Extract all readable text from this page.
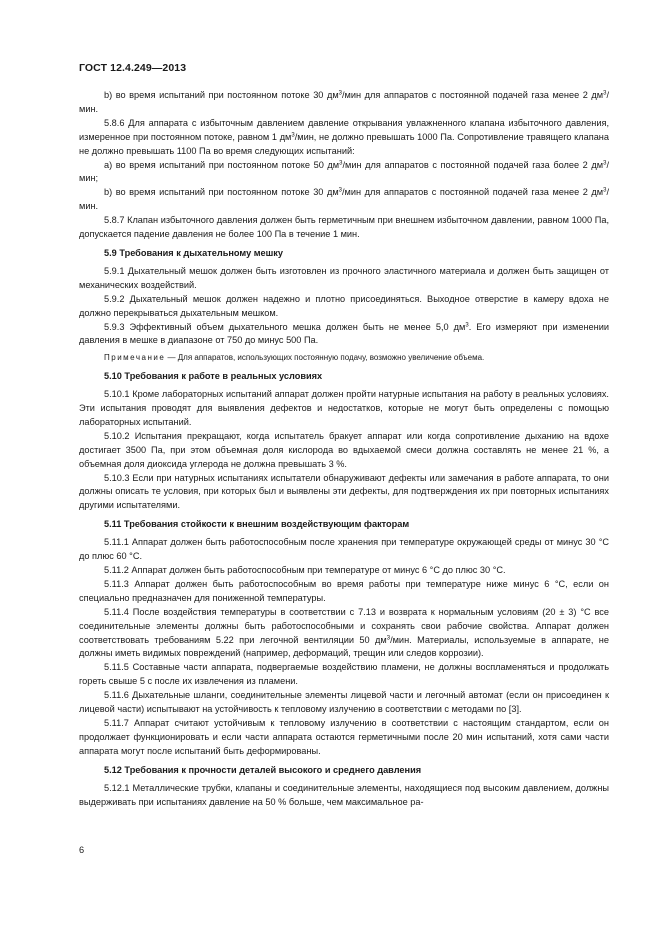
ГОСТ 12.4.249—2013

b) во время испытаний при постоянном потоке 30 $дм^3$/мин для аппаратов с постоянной подачей газа менее 2 $дм^3$/мин.

5.8.6 Для аппарата с избыточным давлением давление открывания увлажненного клапана избыточного давления, измеренное при постоянном потоке, равном 1 $дм^3$/мин, не должно превышать 1000 Па. Сопротивление травящего клапана не должно превышать 1100 Па во время следующих испытаний:

а) во время испытаний при постоянном потоке 50 $дм^3$/мин для аппаратов с постоянной подачей газа более 2 $дм^3$/мин;

b) во время испытаний при постоянном потоке 30 $дм^3$/мин для аппаратов с постоянной подачей газа менее 2 $дм^3$/мин.

5.8.7 Клапан избыточного давления должен быть герметичным при внешнем избыточном давлении, равном 1000 Па, допускается падение давления не более 100 Па в течение 1 мин.

5.9 Требования к дыхательному мешку

5.9.1 Дыхательный мешок должен быть изготовлен из прочного эластичного материала и должен быть защищен от механических воздействий.

5.9.2 Дыхательный мешок должен надежно и плотно присоединяться. Выходное отверстие в камеру вдоха не должно перекрываться дыхательным мешком.

5.9.3 Эффективный объем дыхательного мешка должен быть не менее 5,0 $дм^3$. Его измеряют при изменении давления в мешке в диапазоне от 750 до минус 500 Па.

Примечание — Для аппаратов, использующих постоянную подачу, возможно увеличение объема.

5.10 Требования к работе в реальных условиях

5.10.1 Кроме лабораторных испытаний аппарат должен пройти натурные испытания на работу в реальных условиях. Эти испытания проводят для выявления дефектов и недостатков, которые не могут быть определены с помощью лабораторных испытаний.

5.10.2 Испытания прекращают, когда испытатель бракует аппарат или когда сопротивление дыханию на вдохе достигает 3500 Па, при этом объемная доля кислорода во вдыхаемой смеси должна составлять не менее 21 %, а объемная доля диоксида углерода не должна превышать 3 %.

5.10.3 Если при натурных испытаниях испытатели обнаруживают дефекты или замечания в работе аппарата, то они должны описать те условия, при которых был и выявлены эти дефекты, для подтверждения их при повторных испытаниях другими испытателями.

5.11 Требования стойкости к внешним воздействующим факторам

5.11.1 Аппарат должен быть работоспособным после хранения при температуре окружающей среды от минус 30 °С до плюс 60 °С.

5.11.2 Аппарат должен быть работоспособным при температуре от минус 6 °С до плюс 30 °С.

5.11.3 Аппарат должен быть работоспособным во время работы при температуре ниже минус 6 °С, если он специально предназначен для пониженной температуры.

5.11.4 После воздействия температуры в соответствии с 7.13 и возврата к нормальным условиям (20 ± 3) °С все соединительные элементы должны быть работоспособными и сохранять свои рабочие свойства. Аппарат должен соответствовать требованиям 5.22 при легочной вентиляции 50 $дм^3$/мин. Материалы, используемые в аппарате, не должны иметь видимых повреждений (например, деформаций, трещин или следов коррозии).

5.11.5 Составные части аппарата, подвергаемые воздействию пламени, не должны воспламеняться и продолжать гореть свыше 5 с после их извлечения из пламени.

5.11.6 Дыхательные шланги, соединительные элементы лицевой части и легочный автомат (если он присоединен к лицевой части) испытывают на устойчивость к тепловому излучению в соответствии с методами по [3].

5.11.7 Аппарат считают устойчивым к тепловому излучению в соответствии с настоящим стандартом, если он продолжает функционировать и если части аппарата остаются герметичными после 20 мин испытаний, хотя сами части аппарата могут после испытаний быть деформированы.

5.12 Требования к прочности деталей высокого и среднего давления

5.12.1 Металлические трубки, клапаны и соединительные элементы, находящиеся под высоким давлением, должны выдерживать при испытаниях давление на 50 % больше, чем максимальное ра-

6
